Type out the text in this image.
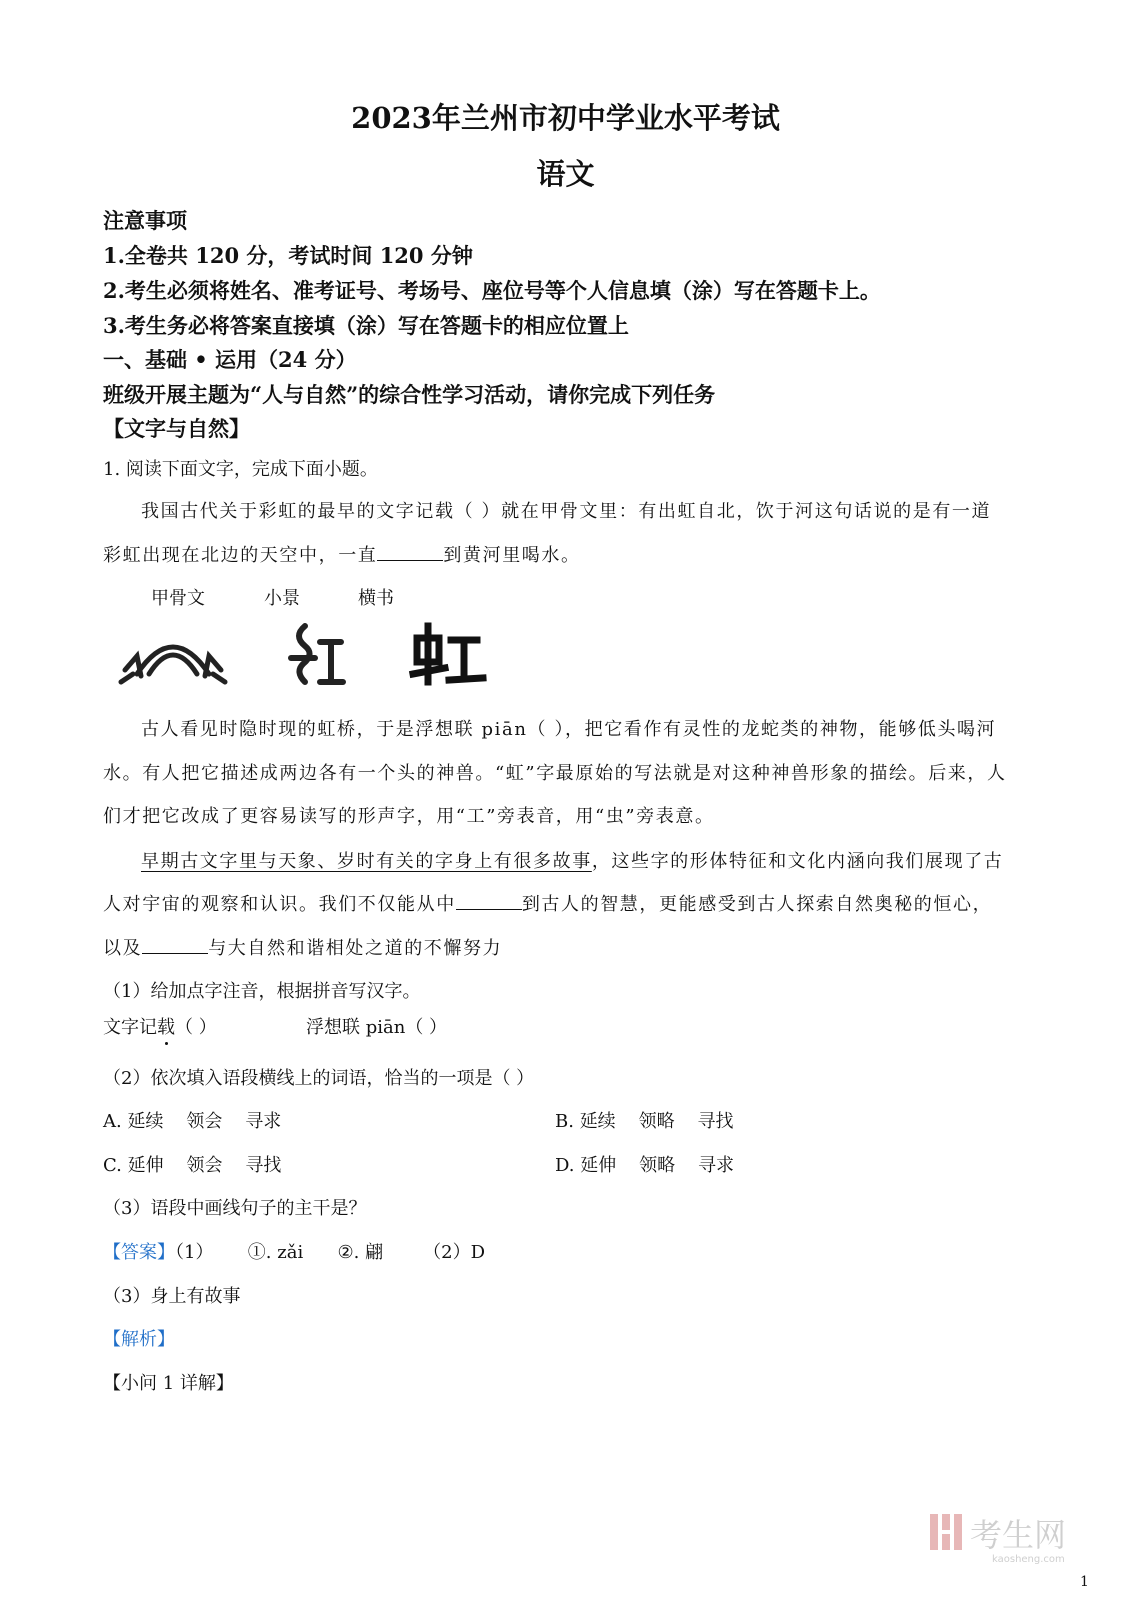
2023年兰州市初中学业水平考试
语文
注意事项
1.全卷共 120 分，考试时间 120 分钟
2.考生必须将姓名、准考证号、考场号、座位号等个人信息填（涂）写在答题卡上。
3.考生务必将答案直接填（涂）写在答题卡的相应位置上
一、基础 • 运用（24 分）
班级开展主题为“人与自然”的综合性学习活动，请你完成下列任务
【文字与自然】
1. 阅读下面文字，完成下面小题。
我国古代关于彩虹的最早的文字记载（ ）就在甲骨文里：有出虹自北，饮于河这句话说的是有一道
彩虹出现在北边的天空中，一直	到黄河里喝水。
甲骨文	小景	横书
古人看见时隐时现的虹桥，于是浮想联 piān（ ），把它看作有灵性的龙蛇类的神物，能够低头喝河
水。有人把它描述成两边各有一个头的神兽。“虹”字最原始的写法就是对这种神兽形象的描绘。后来，人
们才把它改成了更容易读写的形声字，用“工”旁表音，用“虫”旁表意。
早期古文字里与天象、岁时有关的字身上有很多故事，这些字的形体特征和文化内涵向我们展现了古
人对宇宙的观察和认识。我们不仅能从中	到古人的智慧，更能感受到古人探索自然奥秘的恒心，
以及	与大自然和谐相处之道的不懈努力
（1）给加点字注音，根据拼音写汉字。
文字记载（ ）	浮想联 piān（ ）
（2）依次填入语段横线上的词语，恰当的一项是（ ）
A. 延续    领会    寻求	B. 延续    领略    寻找
C. 延伸    领会    寻找	D. 延伸    领略    寻求
（3）语段中画线句子的主干是？
【答案】（1）      ①. zǎi      ②. 翩       （2）D
（3）身上有故事
【解析】
【小问 1 详解】
考生网
kaosheng.com
1
